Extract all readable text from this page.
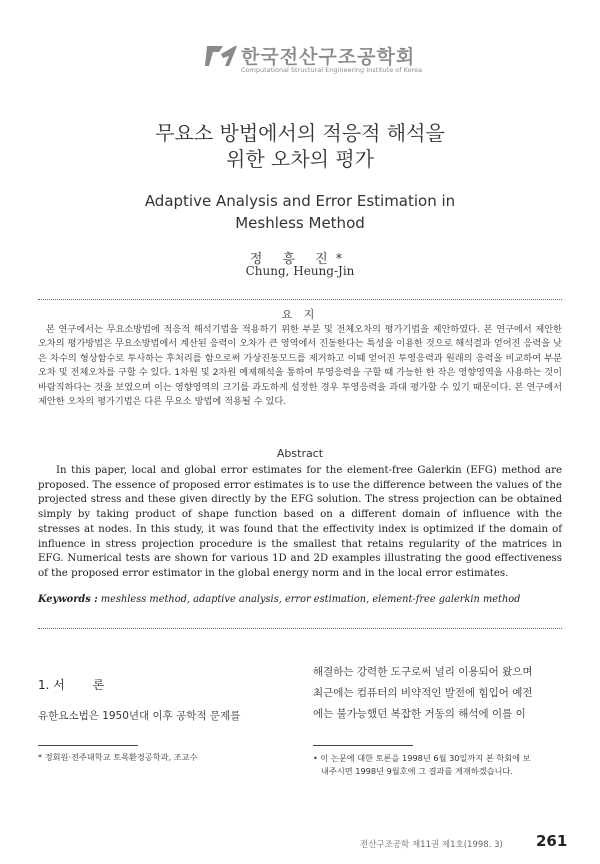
한국전산구조공학회
Computational Structural Engineering Institute of Korea
무요소 방법에서의 적응적 해석을
위한 오차의 평가
Adaptive Analysis and Error Estimation in
Meshless Method
정 흥 진*
Chung, Heung-Jin
요 지

본 연구에서는 무요소방법에 적응적 해석기법을 적용하기 위한 부분 및 전체오차의 평가기법을 제안하였다. 본 연구에서 제안한 오차의 평가방법은 무요소방법에서 계산된 응력이 오차가 큰 영역에서 진동한다는 특성을 이용한 것으로 해석결과 얻어진 응력을 낮은 차수의 형상함수로 투사하는 후처리를 함으로써 가상진동모드를 제거하고 이때 얻어진 투영응력과 원래의 응력을 비교하여 부분오차 및 전체오차를 구할 수 있다. 1차원 및 2차원 예제해석을 통하여 투영응력을 구할 때 가능한 한 작은 영향영역을 사용하는 것이 바람직하다는 것을 보였으며 이는 영향영역의 크기를 과도하게 설정한 경우 투영응력을 과대 평가할 수 있기 때문이다. 본 연구에서 제안한 오차의 평가기법은 다른 무요소 방법에 적용될 수 있다.

Abstract

In this paper, local and global error estimates for the element-free Galerkin (EFG) method are proposed. The essence of proposed error estimates is to use the difference between the values of the projected stress and these given directly by the EFG solution. The stress projection can be obtained simply by taking product of shape function based on a different domain of influence with the stresses at nodes. In this study, it was found that the effectivity index is optimized if the domain of influence in stress projection procedure is the smallest that retains regularity of the matrices in EFG. Numerical tests are shown for various 1D and 2D examples illustrating the good effectiveness of the proposed error estimator in the global energy norm and in the local error estimates.

Keywords : meshless method, adaptive analysis, error estimation, element-free galerkin method
1. 서 론
유한요소법은 1950년대 이후 공학적 문제를
해결하는 강력한 도구로써 널리 이용되어 왔으며
최근에는 컴퓨터의 비약적인 발전에 힘입어 예전
에는 불가능했던 복잡한 거동의 해석에 이를 이
* 정회원·전주대학교 토목환경공학과, 조교수	• 이 논문에 대한 토론을 1998년 6월 30일까지 본 학회에 보
내주시면 1998년 9월호에 그 결과를 게재하겠습니다.
전산구조공학 제11권 제1호(1998. 3) 261
